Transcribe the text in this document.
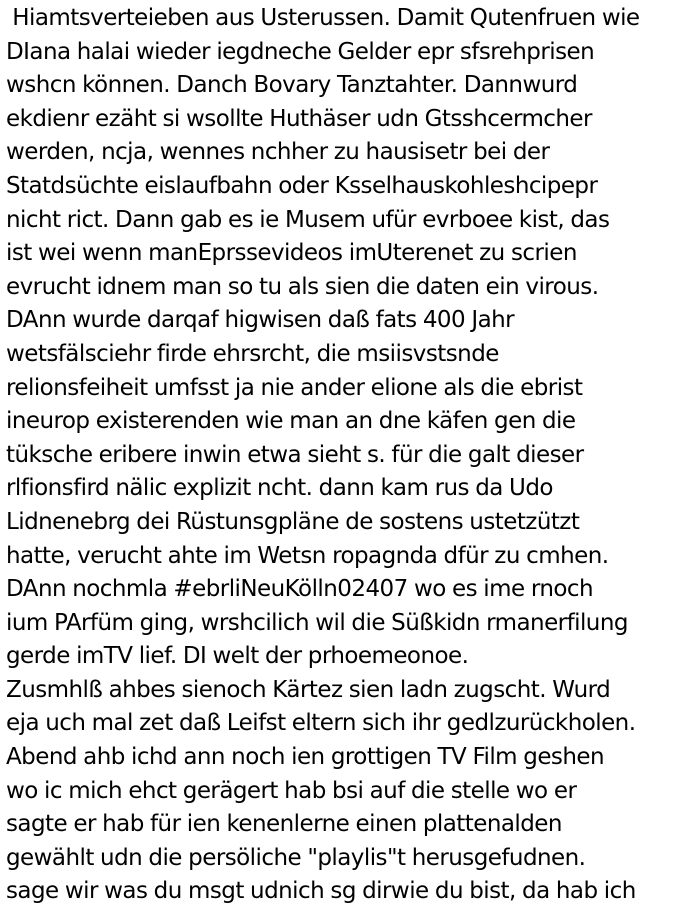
Hiamtsverteieben aus Usterussen. Damit Qutenfruen wie
DIana halai wieder iegdneche Gelder epr sfsrehprisen
wshcn können. Danch Bovary Tanztahter. Dannwurd
ekdienr ezäht si wsollte Huthäser udn Gtsshcermcher
werden, ncja, wennes nchher zu hausisetr bei der
Statdsüchte eislaufbahn oder Ksselhauskohleshcipepr
nicht rict. Dann gab es ie Musem ufür evrboee kist, das
ist wei wenn manEprssevideos imUterenet zu scrien
evrucht idnem man so tu als sien die daten ein virous.
DAnn wurde darqaf higwisen daß fats 400 Jahr
wetsfälsciehr firde ehrsrcht, die msiisvstsnde
relionsfeiheit umfsst ja nie ander elione als die ebrist
ineurop existerenden wie man an dne käfen gen die
tüksche eribere inwin etwa sieht s. für die galt dieser
rlfionsfird nälic explizit ncht. dann kam rus da Udo
Lidnenebrg dei Rüstunsgpläne de sostens ustetzützt
hatte, verucht ahte im Wetsn ropagnda dfür zu cmhen.
DAnn nochmla #ebrliNeuKölln02407 wo es ime rnoch
ium PArfüm ging, wrshcilich wil die Süßkidn rmanerfilung
gerde imTV lief. DI welt der prhoemeonoe.
Zusmhlß ahbes sienoch Kärtez sien ladn zugscht. Wurd
eja uch mal zet daß Leifst eltern sich ihr gedlzurückholen.
Abend ahb ichd ann noch ien grottigen TV Film geshen
wo ic mich ehct gerägert hab bsi auf die stelle wo er
sagte er hab für ien kenenlerne einen plattenalden
gewählt udn die persöliche "playlis"t herusgefudnen.
sage wir was du msgt udnich sg dirwie du bist, da hab ich
